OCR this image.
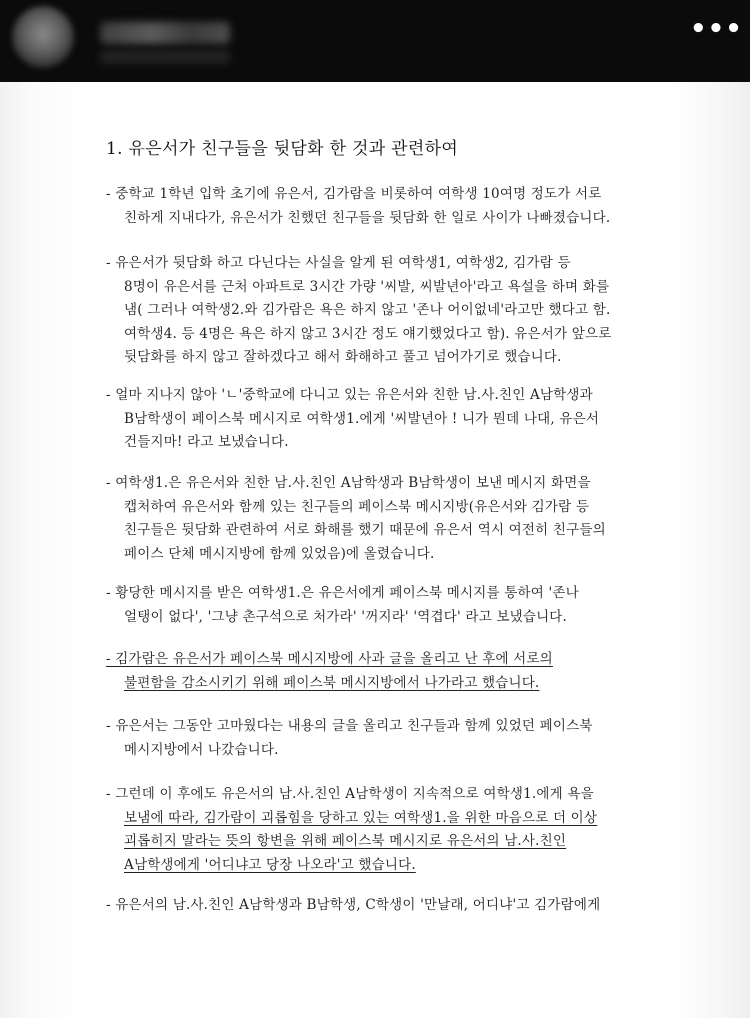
•••
1. 유은서가 친구들을 뒷담화 한 것과 관련하여
- 중학교 1학년 입학 초기에 유은서, 김가람을 비롯하여 여학생 10여명 정도가 서로
친하게 지내다가, 유은서가 친했던 친구들을 뒷담화 한 일로 사이가 나빠졌습니다.
- 유은서가 뒷담화 하고 다닌다는 사실을 알게 된 여학생1, 여학생2, 김가람 등
8명이 유은서를 근처 아파트로 3시간 가량 '씨발, 씨발년아'라고 욕설을 하며 화를
냄( 그러나 여학생2.와 김가람은 욕은 하지 않고 '존나 어이없네'라고만 했다고 함.
여학생4. 등 4명은 욕은 하지 않고 3시간 정도 얘기했었다고 함). 유은서가 앞으로
뒷담화를 하지 않고 잘하겠다고 해서 화해하고 풀고 넘어가기로 했습니다.
- 얼마 지나지 않아 'ㄴ'중학교에 다니고 있는 유은서와 친한 남.사.친인 A남학생과
B남학생이 페이스북 메시지로 여학생1.에게 '씨발년아 ! 니가 뭔데 나대, 유은서
건들지마! 라고 보냈습니다.
- 여학생1.은 유은서와 친한 남.사.친인 A남학생과 B남학생이 보낸 메시지 화면을
캡처하여 유은서와 함께 있는 친구들의 페이스북 메시지방(유은서와 김가람 등
친구들은 뒷담화 관련하여 서로 화해를 했기 때문에 유은서 역시 여전히 친구들의
페이스 단체 메시지방에 함께 있었음)에 올렸습니다.
- 황당한 메시지를 받은 여학생1.은 유은서에게 페이스북 메시지를 통하여 '존나
얼탱이 없다', '그냥 촌구석으로 처가라' '꺼지라' '역겹다' 라고 보냈습니다.
- 김가람은 유은서가 페이스북 메시지방에 사과 글을 올리고 난 후에 서로의
불편함을 감소시키기 위해 페이스북 메시지방에서 나가라고 했습니다.
- 유은서는 그동안 고마웠다는 내용의 글을 올리고 친구들과 함께 있었던 페이스북
메시지방에서 나갔습니다.
- 그런데 이 후에도 유은서의 남.사.친인 A남학생이 지속적으로 여학생1.에게 욕을
보냄에 따라, 김가람이 괴롭힘을 당하고 있는 여학생1.을 위한 마음으로 더 이상
괴롭히지 말라는 뜻의 항변을 위해 페이스북 메시지로 유은서의 남.사.친인
A남학생에게 '어디냐고 당장 나오라'고 했습니다.
- 유은서의 남.사.친인 A남학생과 B남학생, C학생이 '만날래, 어디냐'고 김가람에게
